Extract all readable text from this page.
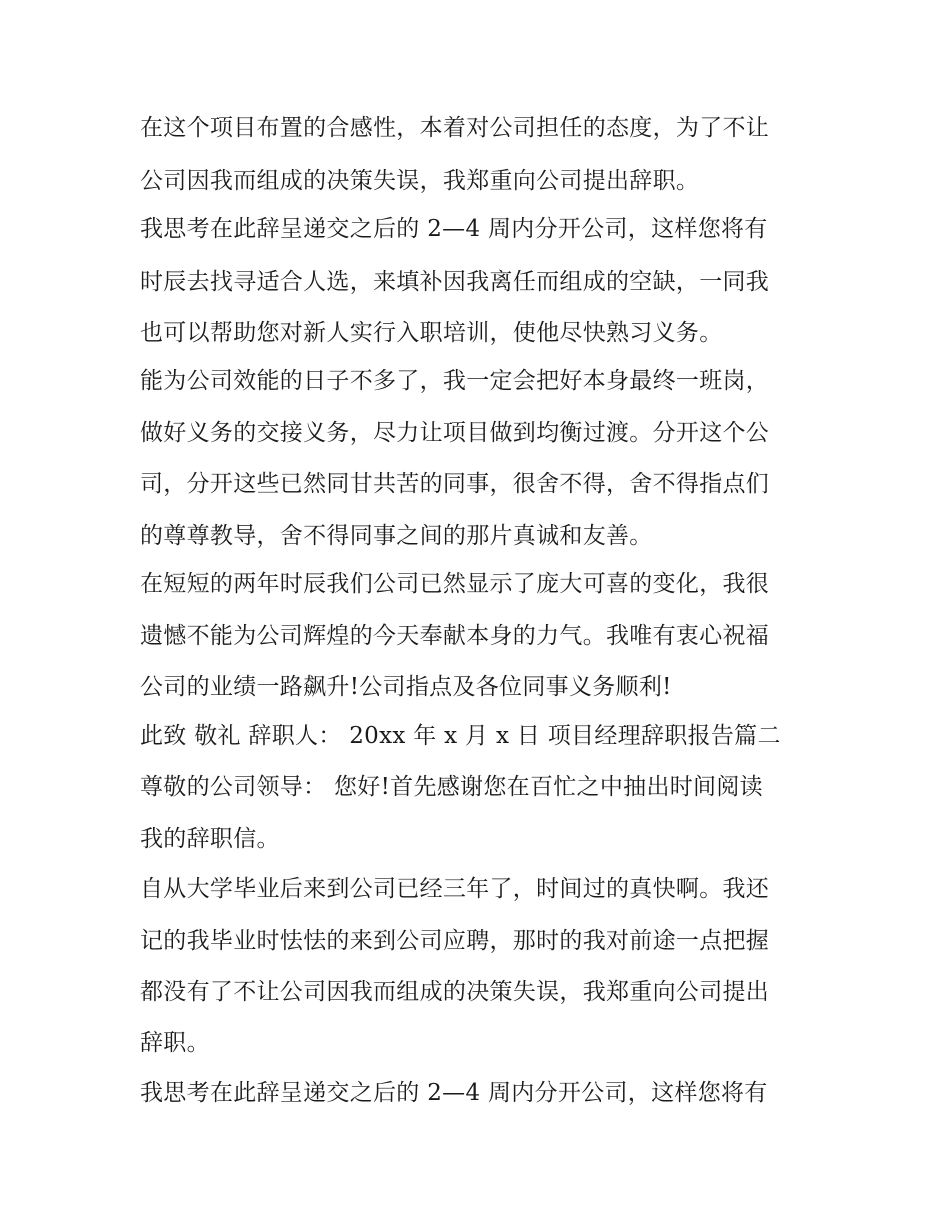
在这个项目布置的合感性，本着对公司担任的态度，为了不让
公司因我而组成的决策失误，我郑重向公司提出辞职。
我思考在此辞呈递交之后的 2—4 周内分开公司，这样您将有
时辰去找寻适合人选，来填补因我离任而组成的空缺，一同我
也可以帮助您对新人实行入职培训，使他尽快熟习义务。
能为公司效能的日子不多了，我一定会把好本身最终一班岗，
做好义务的交接义务，尽力让项目做到均衡过渡。分开这个公
司，分开这些已然同甘共苦的同事，很舍不得，舍不得指点们
的尊尊教导，舍不得同事之间的那片真诚和友善。
在短短的两年时辰我们公司已然显示了庞大可喜的变化，我很
遗憾不能为公司辉煌的今天奉献本身的力气。我唯有衷心祝福
公司的业绩一路飙升!公司指点及各位同事义务顺利!
此致 敬礼 辞职人： 20xx 年 x 月 x 日 项目经理辞职报告篇二
尊敬的公司领导： 您好!首先感谢您在百忙之中抽出时间阅读
我的辞职信。
自从大学毕业后来到公司已经三年了，时间过的真快啊。我还
记的我毕业时怯怯的来到公司应聘，那时的我对前途一点把握
都没有了不让公司因我而组成的决策失误，我郑重向公司提出
辞职。
我思考在此辞呈递交之后的 2—4 周内分开公司，这样您将有
